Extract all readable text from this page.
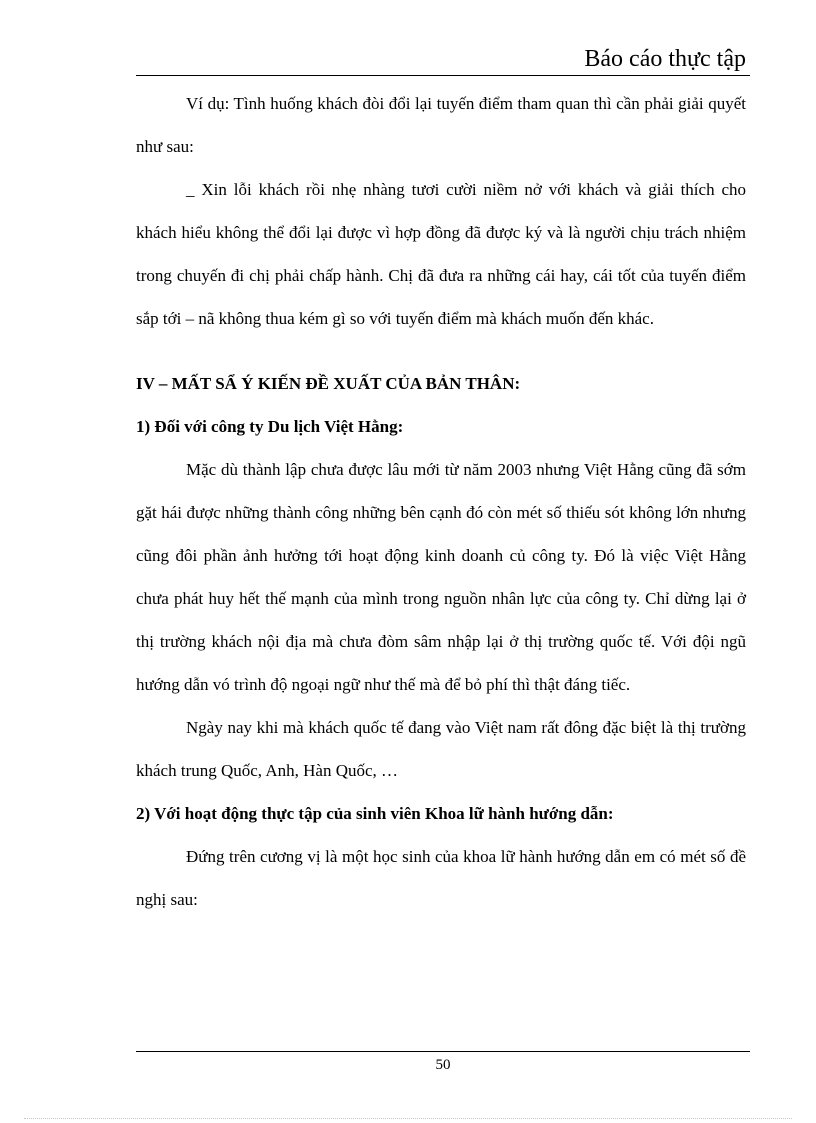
Báo cáo thực tập

Ví dụ: Tình huống khách đòi đổi lại tuyến điểm tham quan thì cần phải giải quyết như sau:

_ Xin lỗi khách rồi nhẹ nhàng tươi cười niềm nở với khách và giải thích cho khách hiểu không thể đổi lại được vì hợp đồng đã được ký và là người chịu trách nhiệm trong chuyến đi chị phải chấp hành. Chị đã đưa ra những cái hay, cái tốt của tuyến điểm sắp tới – nã không thua kém gì so với tuyến điểm mà khách muốn đến khác.

IV – MẤT SẨ Ý KIẾN ĐỀ XUẤT CỦA BẢN THÂN:

1) Đối với công ty Du lịch Việt Hằng:

Mặc dù thành lập chưa được lâu mới từ năm 2003 nhưng Việt Hằng cũng đã sớm gặt hái được những thành công những bên cạnh đó còn mét số thiếu sót không lớn nhưng cũng đôi phần ảnh hưởng tới hoạt động kinh doanh củ công ty. Đó là việc Việt Hằng chưa phát huy hết thế mạnh của mình trong nguồn nhân lực của công ty. Chỉ dừng lại ở thị trường khách nội địa mà chưa đòm sâm nhập lại ở thị trường quốc tế. Với đội ngũ hướng dẫn vó trình độ ngoại ngữ như thế mà để bỏ phí thì thật đáng tiếc.

Ngày nay khi mà khách quốc tế đang vào Việt nam rất đông đặc biệt là thị trường khách trung Quốc, Anh, Hàn Quốc, …

2) Với hoạt động thực tập của sinh viên Khoa lữ hành hướng dẫn:

Đứng trên cương vị là một học sinh của khoa lữ hành hướng dẫn em có mét số đề nghị sau:

50
